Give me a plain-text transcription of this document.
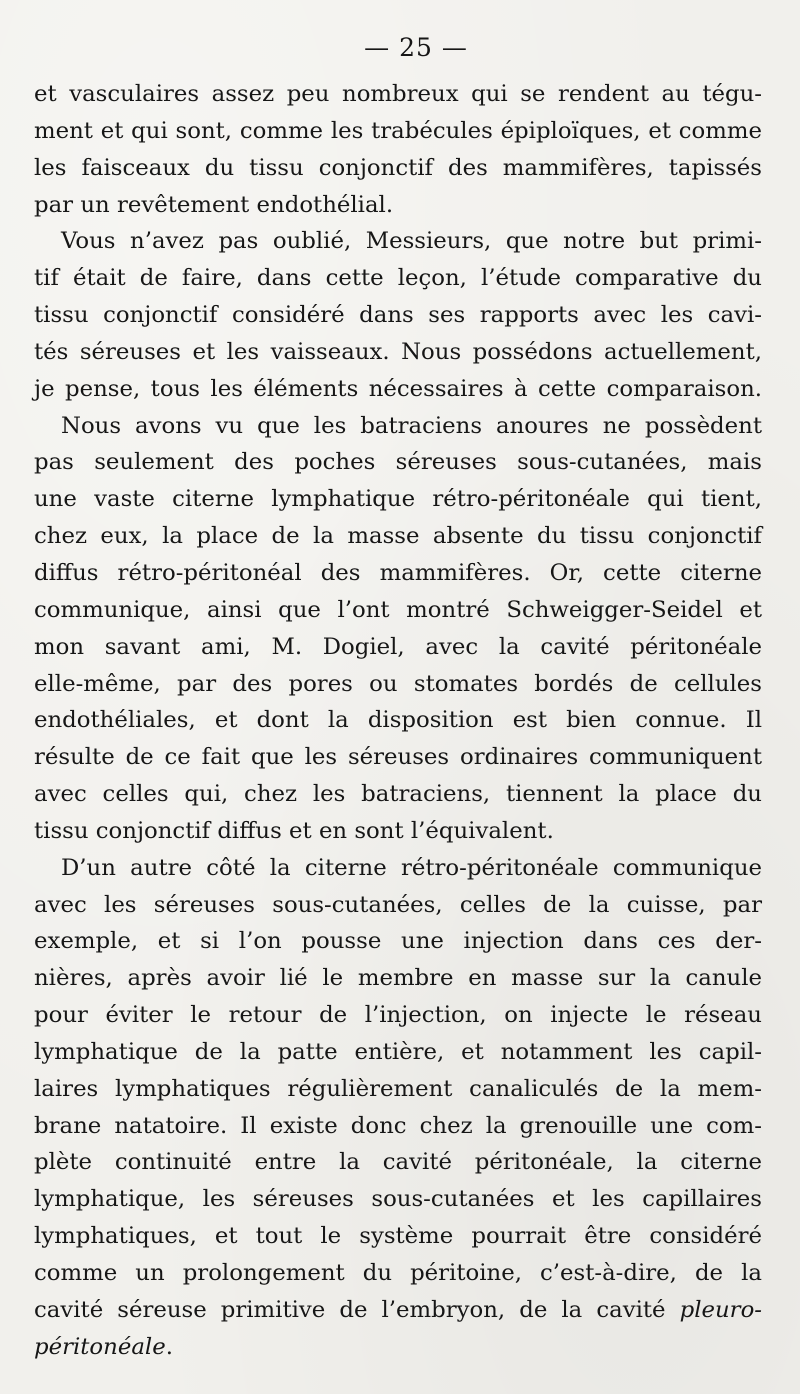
— 25 —
et vasculaires assez peu nombreux qui se rendent au tégu-
ment et qui sont, comme les trabécules épiploïques, et comme
les faisceaux du tissu conjonctif des mammifères, tapissés
par un revêtement endothélial.
Vous n’avez pas oublié, Messieurs, que notre but primi-
tif était de faire, dans cette leçon, l’étude comparative du
tissu conjonctif considéré dans ses rapports avec les cavi-
tés séreuses et les vaisseaux. Nous possédons actuellement,
je pense, tous les éléments nécessaires à cette comparaison.
Nous avons vu que les batraciens anoures ne possèdent
pas seulement des poches séreuses sous-cutanées, mais
une vaste citerne lymphatique rétro-péritonéale qui tient,
chez eux, la place de la masse absente du tissu conjonctif
diffus rétro-péritonéal des mammifères. Or, cette citerne
communique, ainsi que l’ont montré Schweigger-Seidel et
mon savant ami, M. Dogiel, avec la cavité péritonéale
elle-même, par des pores ou stomates bordés de cellules
endothéliales, et dont la disposition est bien connue. Il
résulte de ce fait que les séreuses ordinaires communiquent
avec celles qui, chez les batraciens, tiennent la place du
tissu conjonctif diffus et en sont l’équivalent.
D’un autre côté la citerne rétro-péritonéale communique
avec les séreuses sous-cutanées, celles de la cuisse, par
exemple, et si l’on pousse une injection dans ces der-
nières, après avoir lié le membre en masse sur la canule
pour éviter le retour de l’injection, on injecte le réseau
lymphatique de la patte entière, et notamment les capil-
laires lymphatiques régulièrement canaliculés de la mem-
brane natatoire. Il existe donc chez la grenouille une com-
plète continuité entre la cavité péritonéale, la citerne
lymphatique, les séreuses sous-cutanées et les capillaires
lymphatiques, et tout le système pourrait être considéré
comme un prolongement du péritoine, c’est-à-dire, de la
cavité séreuse primitive de l’embryon, de la cavité pleuro-
péritonéale.
